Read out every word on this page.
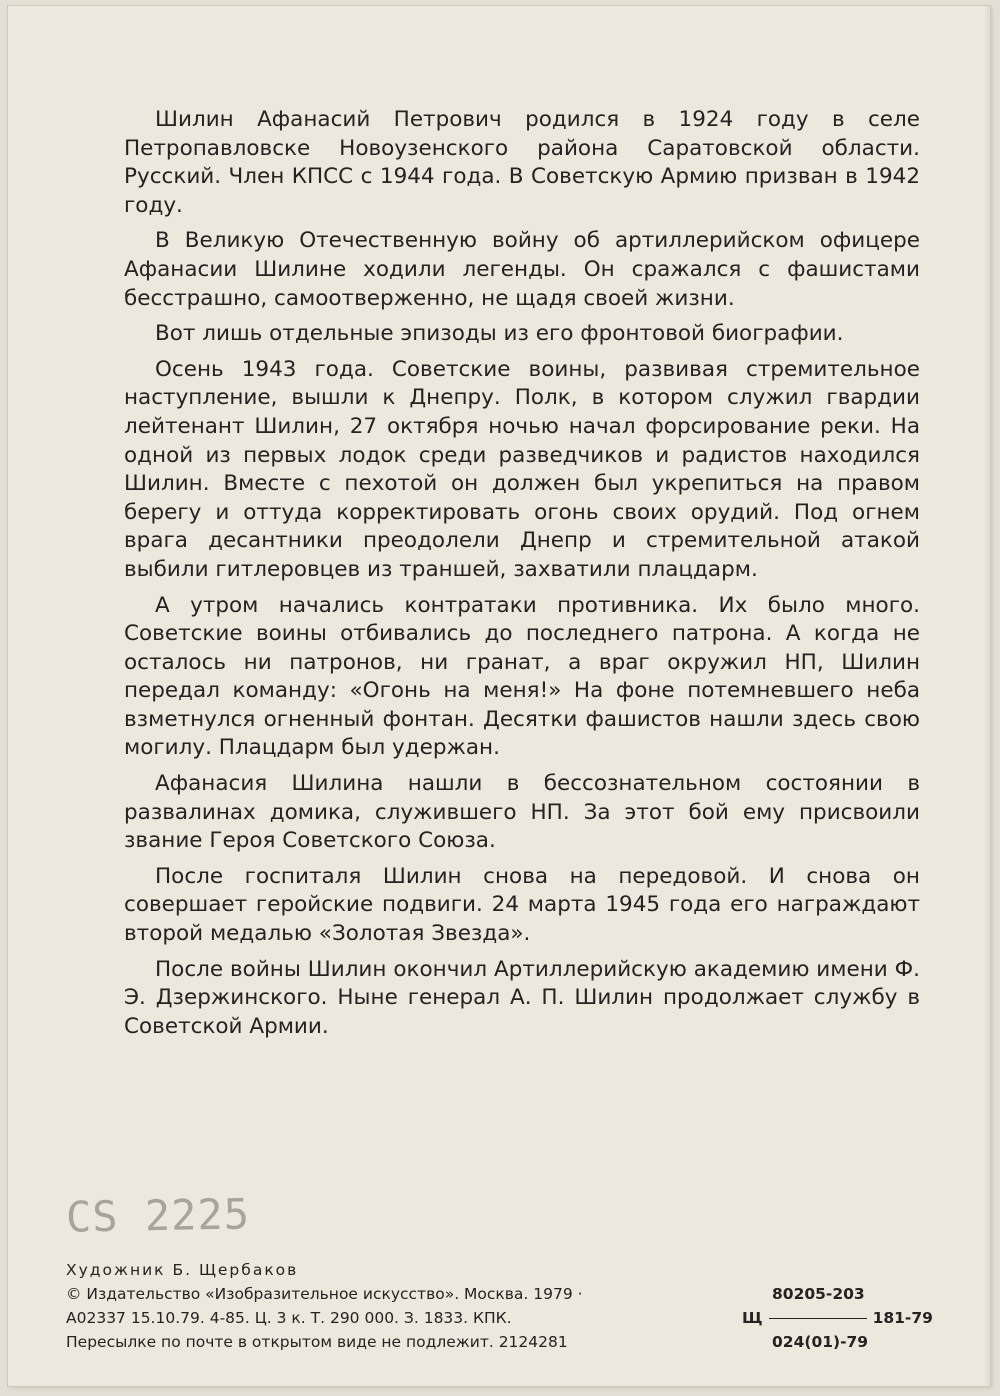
Шилин Афанасий Петрович родился в 1924 году в селе Петропавловске Новоузенского района Саратовской области. Русский. Член КПСС с 1944 года. В Советскую Армию призван в 1942 году.

В Великую Отечественную войну об артиллерийском офицере Афанасии Шилине ходили легенды. Он сражался с фашистами бесстрашно, самоотверженно, не щадя своей жизни.

Вот лишь отдельные эпизоды из его фронтовой биографии.

Осень 1943 года. Советские воины, развивая стремительное наступление, вышли к Днепру. Полк, в котором служил гвардии лейтенант Шилин, 27 октября ночью начал форсирование реки. На одной из первых лодок среди разведчиков и радистов находился Шилин. Вместе с пехотой он должен был укрепиться на правом берегу и оттуда корректировать огонь своих орудий. Под огнем врага десантники преодолели Днепр и стремительной атакой выбили гитлеровцев из траншей, захватили плацдарм.

А утром начались контратаки противника. Их было много. Советские воины отбивались до последнего патрона. А когда не осталось ни патронов, ни гранат, а враг окружил НП, Шилин передал команду: «Огонь на меня!» На фоне потемневшего неба взметнулся огненный фонтан. Десятки фашистов нашли здесь свою могилу. Плацдарм был удержан.

Афанасия Шилина нашли в бессознательном состоянии в развалинах домика, служившего НП. За этот бой ему присвоили звание Героя Советского Союза.

После госпиталя Шилин снова на передовой. И снова он совершает геройские подвиги. 24 марта 1945 года его награждают второй медалью «Золотая Звезда».

После войны Шилин окончил Артиллерийскую академию имени Ф. Э. Дзержинского. Ныне генерал А. П. Шилин продолжает службу в Советской Армии.

CS 2225
Художник Б. Щербаков
© Издательство «Изобразительное искусство». Москва. 1979 ·
А02337 15.10.79. 4-85. Ц. 3 к. Т. 290 000. З. 1833. КПК.
Пересылке по почте в открытом виде не подлежит. 2124281
80205-203
Щ	181-79
024(01)-79
